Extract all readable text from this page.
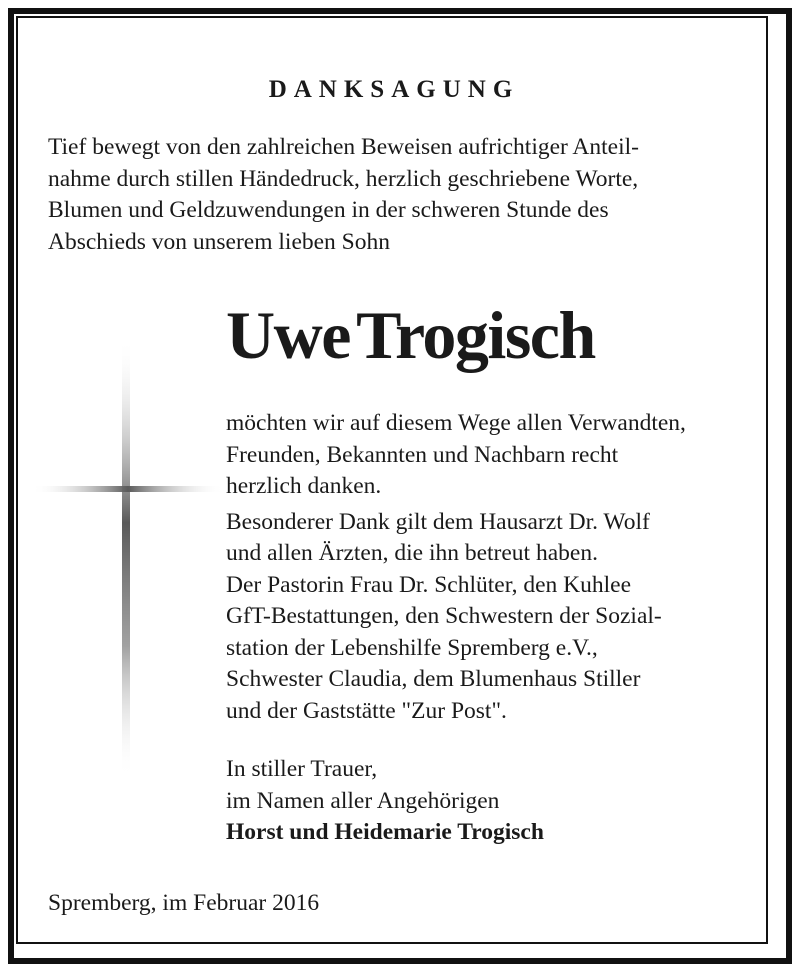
DANKSAGUNG

Tief bewegt von den zahlreichen Beweisen aufrichtiger Anteil-

nahme durch stillen Händedruck, herzlich geschriebene Worte,

Blumen und Geldzuwendungen in der schweren Stunde des

Abschieds von unserem lieben Sohn

Uwe Trogisch

möchten wir auf diesem Wege allen Verwandten,

Freunden, Bekannten und Nachbarn recht

herzlich danken.

Besonderer Dank gilt dem Hausarzt Dr. Wolf

und allen Ärzten, die ihn betreut haben.

Der Pastorin Frau Dr. Schlüter, den Kuhlee

GfT-Bestattungen, den Schwestern der Sozial-

station der Lebenshilfe Spremberg e.V.,

Schwester Claudia, dem Blumenhaus Stiller

und der Gaststätte "Zur Post".

In stiller Trauer,

im Namen aller Angehörigen

Horst und Heidemarie Trogisch

Spremberg, im Februar 2016
